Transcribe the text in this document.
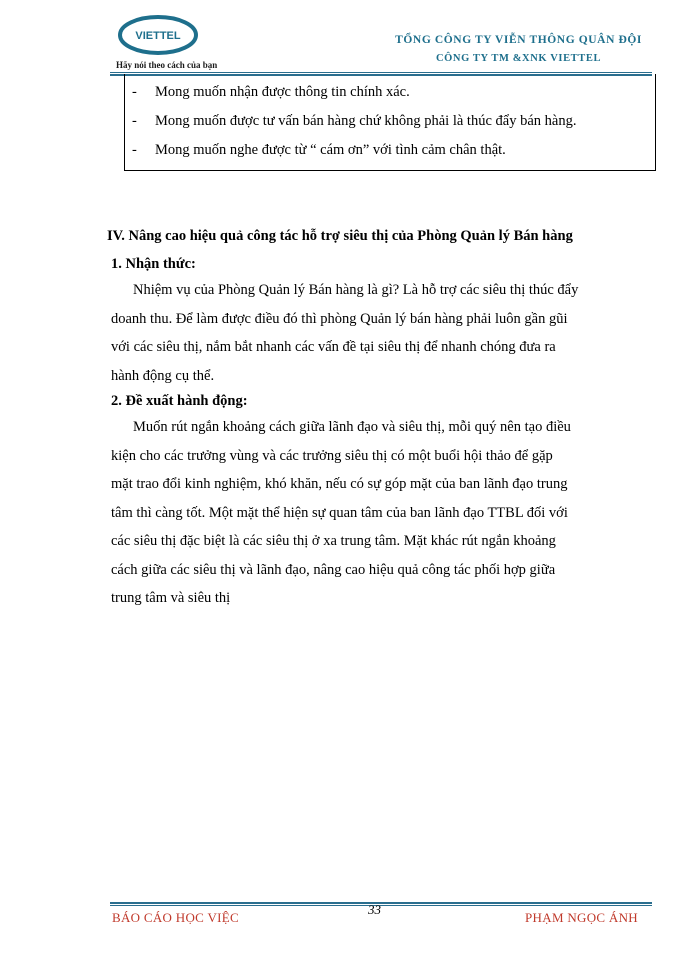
VIETTEL
Hãy nói theo cách của bạn
TỔNG CÔNG TY VIỄN THÔNG QUÂN ĐỘI
CÔNG TY TM &XNK VIETTEL
- Mong muốn nhận được thông tin chính xác.
- Mong muốn được tư vấn bán hàng chứ không phải là thúc đẩy bán hàng.
- Mong muốn nghe được từ “ cám ơn” với tình cảm chân thật.
IV. Nâng cao hiệu quả công tác hỗ trợ siêu thị của Phòng Quản lý Bán hàng
1. Nhận thức:
Nhiệm vụ của Phòng Quản lý Bán hàng là gì? Là hỗ trợ các siêu thị thúc đẩy
doanh thu. Để làm được điều đó thì phòng Quản lý bán hàng phải luôn gần gũi
với các siêu thị, nắm bắt nhanh các vấn đề tại siêu thị để nhanh chóng đưa ra
hành động cụ thể.
2. Đề xuất hành động:
Muốn rút ngắn khoảng cách giữa lãnh đạo và siêu thị, mỗi quý nên tạo điều
kiện cho các trưởng vùng và các trưởng siêu thị có một buổi hội thảo để gặp
mặt trao đổi kinh nghiệm, khó khăn, nếu có sự góp mặt của ban lãnh đạo trung
tâm thì càng tốt. Một mặt thể hiện sự quan tâm của ban lãnh đạo TTBL đối với
các siêu thị đặc biệt là các siêu thị ở xa trung tâm. Mặt khác rút ngắn khoảng
cách giữa các siêu thị và lãnh đạo, nâng cao hiệu quả công tác phối hợp giữa
trung tâm và siêu thị
BÁO CÁO HỌC VIỆC
33
PHẠM NGỌC ÁNH
